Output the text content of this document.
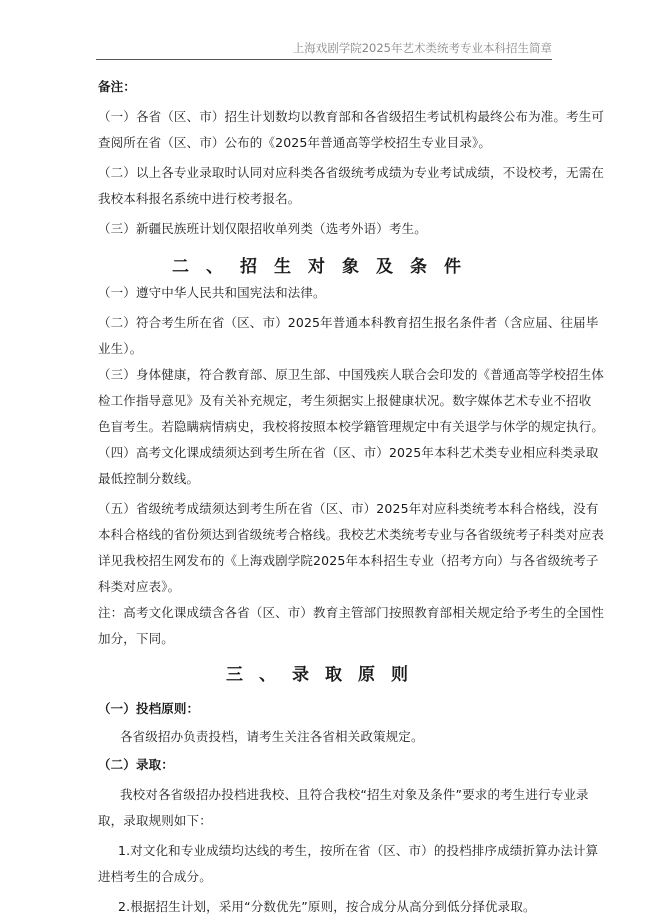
上海戏剧学院2025年艺术类统考专业本科招生简章

备注：

（一）各省（区、市）招生计划数均以教育部和各省级招生考试机构最终公布为准。考生可

查阅所在省（区、市）公布的《2025年普通高等学校招生专业目录》。

（二）以上各专业录取时认同对应科类各省级统考成绩为专业考试成绩，不设校考，无需在

我校本科报名系统中进行校考报名。

（三）新疆民族班计划仅限招收单列类（选考外语）考生。

二、招生对象及条件

（一）遵守中华人民共和国宪法和法律。

（二）符合考生所在省（区、市）2025年普通本科教育招生报名条件者（含应届、往届毕

业生）。

（三）身体健康，符合教育部、原卫生部、中国残疾人联合会印发的《普通高等学校招生体

检工作指导意见》及有关补充规定，考生须据实上报健康状况。数字媒体艺术专业不招收

色盲考生。若隐瞒病情病史，我校将按照本校学籍管理规定中有关退学与休学的规定执行。

（四）高考文化课成绩须达到考生所在省（区、市）2025年本科艺术类专业相应科类录取

最低控制分数线。

（五）省级统考成绩须达到考生所在省（区、市）2025年对应科类统考本科合格线，没有

本科合格线的省份须达到省级统考合格线。我校艺术类统考专业与各省级统考子科类对应表

详见我校招生网发布的《上海戏剧学院2025年本科招生专业（招考方向）与各省级统考子

科类对应表》。

注：高考文化课成绩含各省（区、市）教育主管部门按照教育部相关规定给予考生的全国性

加分，下同。

三、录取原则

（一）投档原则：

各省级招办负责投档，请考生关注各省相关政策规定。

（二）录取：

我校对各省级招办投档进我校、且符合我校“招生对象及条件”要求的考生进行专业录

取，录取规则如下：

1.对文化和专业成绩均达线的考生，按所在省（区、市）的投档排序成绩折算办法计算

进档考生的合成分。

2.根据招生计划，采用“分数优先”原则，按合成分从高分到低分择优录取。
